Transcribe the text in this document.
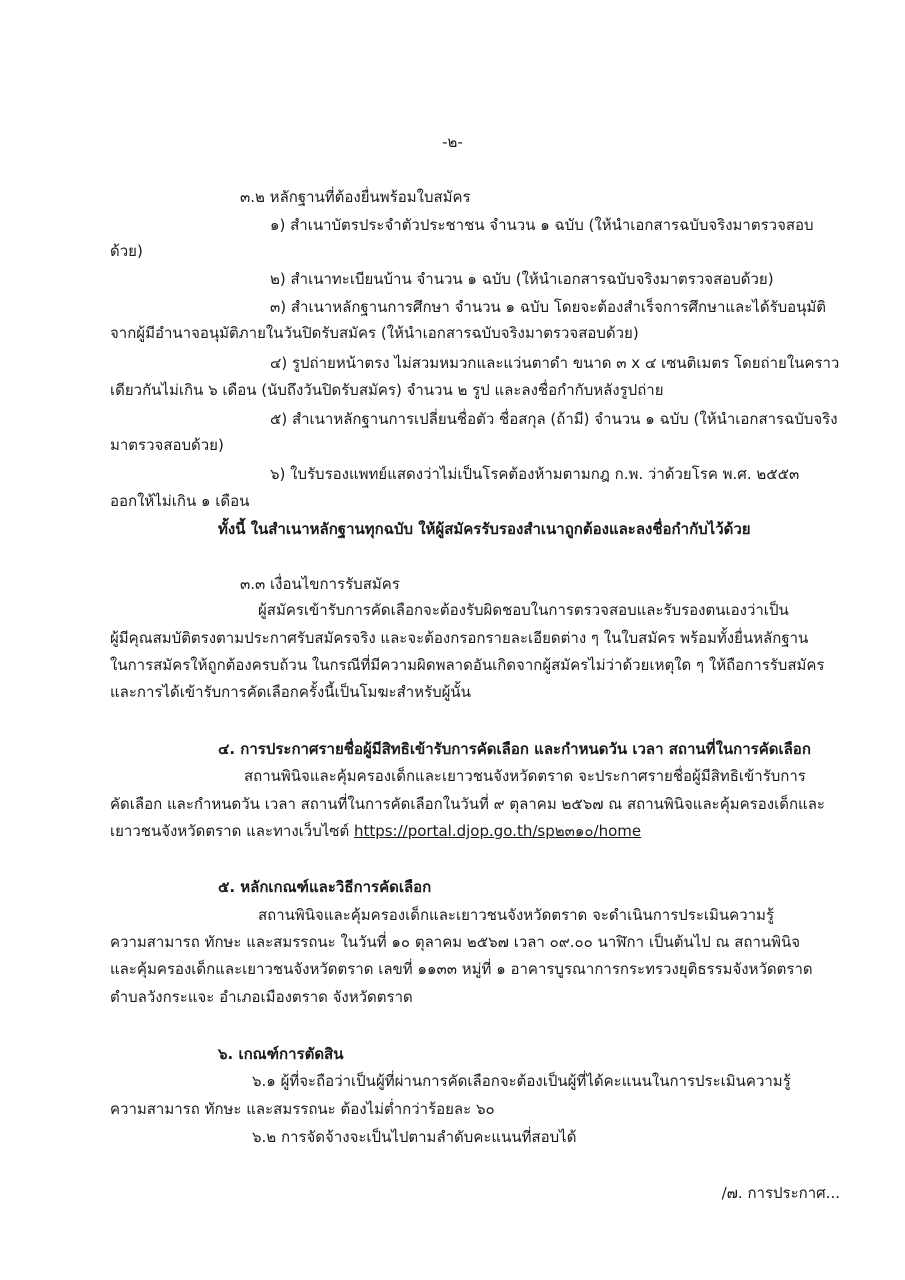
-๒-
๓.๒ หลักฐานที่ต้องยื่นพร้อมใบสมัคร
๑) สำเนาบัตรประจำตัวประชาชน จำนวน ๑ ฉบับ (ให้นำเอกสารฉบับจริงมาตรวจสอบ
ด้วย)
๒) สำเนาทะเบียนบ้าน จำนวน ๑ ฉบับ (ให้นำเอกสารฉบับจริงมาตรวจสอบด้วย)
๓) สำเนาหลักฐานการศึกษา จำนวน ๑ ฉบับ โดยจะต้องสำเร็จการศึกษาและได้รับอนุมัติ
จากผู้มีอำนาจอนุมัติภายในวันปิดรับสมัคร (ให้นำเอกสารฉบับจริงมาตรวจสอบด้วย)
๔) รูปถ่ายหน้าตรง ไม่สวมหมวกและแว่นตาดำ ขนาด ๓ x ๔ เซนติเมตร โดยถ่ายในคราว
เดียวกันไม่เกิน ๖ เดือน (นับถึงวันปิดรับสมัคร) จำนวน ๒ รูป และลงชื่อกำกับหลังรูปถ่าย
๕) สำเนาหลักฐานการเปลี่ยนชื่อตัว ชื่อสกุล (ถ้ามี) จำนวน ๑ ฉบับ (ให้นำเอกสารฉบับจริง
มาตรวจสอบด้วย)
๖) ใบรับรองแพทย์แสดงว่าไม่เป็นโรคต้องห้ามตามกฎ ก.พ. ว่าด้วยโรค พ.ศ. ๒๕๕๓
ออกให้ไม่เกิน ๑ เดือน
ทั้งนี้ ในสำเนาหลักฐานทุกฉบับ ให้ผู้สมัครรับรองสำเนาถูกต้องและลงชื่อกำกับไว้ด้วย
๓.๓ เงื่อนไขการรับสมัคร
ผู้สมัครเข้ารับการคัดเลือกจะต้องรับผิดชอบในการตรวจสอบและรับรองตนเองว่าเป็น
ผู้มีคุณสมบัติตรงตามประกาศรับสมัครจริง และจะต้องกรอกรายละเอียดต่าง ๆ ในใบสมัคร พร้อมทั้งยื่นหลักฐาน
ในการสมัครให้ถูกต้องครบถ้วน ในกรณีที่มีความผิดพลาดอันเกิดจากผู้สมัครไม่ว่าด้วยเหตุใด ๆ ให้ถือการรับสมัคร
และการได้เข้ารับการคัดเลือกครั้งนี้เป็นโมฆะสำหรับผู้นั้น
๔. การประกาศรายชื่อผู้มีสิทธิเข้ารับการคัดเลือก และกำหนดวัน เวลา สถานที่ในการคัดเลือก
สถานพินิจและคุ้มครองเด็กและเยาวชนจังหวัดตราด จะประกาศรายชื่อผู้มีสิทธิเข้ารับการ
คัดเลือก และกำหนดวัน เวลา สถานที่ในการคัดเลือกในวันที่ ๙ ตุลาคม ๒๕๖๗ ณ สถานพินิจและคุ้มครองเด็กและ
เยาวชนจังหวัดตราด และทางเว็บไซต์ https://portal.djop.go.th/sp๒๓๑๐/home
๕. หลักเกณฑ์และวิธีการคัดเลือก
สถานพินิจและคุ้มครองเด็กและเยาวชนจังหวัดตราด จะดำเนินการประเมินความรู้
ความสามารถ ทักษะ และสมรรถนะ ในวันที่ ๑๐ ตุลาคม ๒๕๖๗ เวลา ๐๙.๐๐ นาฬิกา เป็นต้นไป ณ สถานพินิจ
และคุ้มครองเด็กและเยาวชนจังหวัดตราด เลขที่ ๑๑๓๓ หมู่ที่ ๑ อาคารบูรณาการกระทรวงยุติธรรมจังหวัดตราด
ตำบลวังกระแจะ อำเภอเมืองตราด จังหวัดตราด
๖. เกณฑ์การตัดสิน
๖.๑ ผู้ที่จะถือว่าเป็นผู้ที่ผ่านการคัดเลือกจะต้องเป็นผู้ที่ได้คะแนนในการประเมินความรู้
ความสามารถ ทักษะ และสมรรถนะ ต้องไม่ต่ำกว่าร้อยละ ๖๐
๖.๒ การจัดจ้างจะเป็นไปตามลำดับคะแนนที่สอบได้
/๗. การประกาศ...
